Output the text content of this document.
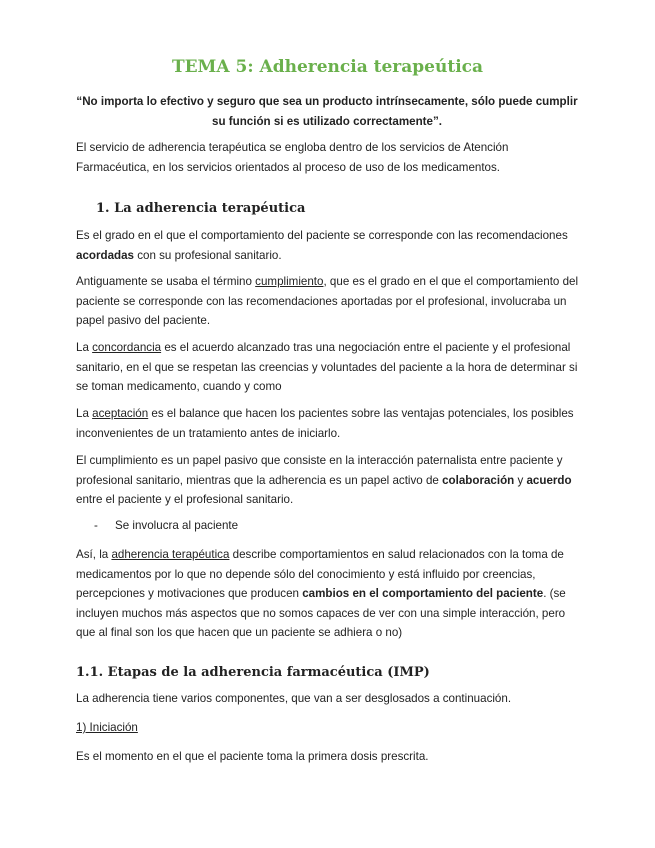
TEMA 5: Adherencia terapeútica
“No importa lo efectivo y seguro que sea un producto intrínsecamente, sólo puede cumplir su función si es utilizado correctamente”.

El servicio de adherencia terapéutica se engloba dentro de los servicios de Atención Farmacéutica, en los servicios orientados al proceso de uso de los medicamentos.

1. La adherencia terapéutica

Es el grado en el que el comportamiento del paciente se corresponde con las recomendaciones acordadas con su profesional sanitario.

Antiguamente se usaba el término cumplimiento, que es el grado en el que el comportamiento del paciente se corresponde con las recomendaciones aportadas por el profesional, involucraba un papel pasivo del paciente.

La concordancia es el acuerdo alcanzado tras una negociación entre el paciente y el profesional sanitario, en el que se respetan las creencias y voluntades del paciente a la hora de determinar si se toman medicamento, cuando y como

La aceptación es el balance que hacen los pacientes sobre las ventajas potenciales, los posibles inconvenientes de un tratamiento antes de iniciarlo.

El cumplimiento es un papel pasivo que consiste en la interacción paternalista entre paciente y profesional sanitario, mientras que la adherencia es un papel activo de colaboración y acuerdo entre el paciente y el profesional sanitario.

- Se involucra al paciente

Así, la adherencia terapéutica describe comportamientos en salud relacionados con la toma de medicamentos por lo que no depende sólo del conocimiento y está influido por creencias, percepciones y motivaciones que producen cambios en el comportamiento del paciente. (se incluyen muchos más aspectos que no somos capaces de ver con una simple interacción, pero que al final son los que hacen que un paciente se adhiera o no)

1.1. Etapas de la adherencia farmacéutica (IMP)

La adherencia tiene varios componentes, que van a ser desglosados a continuación.

1) Iniciación

Es el momento en el que el paciente toma la primera dosis prescrita.
